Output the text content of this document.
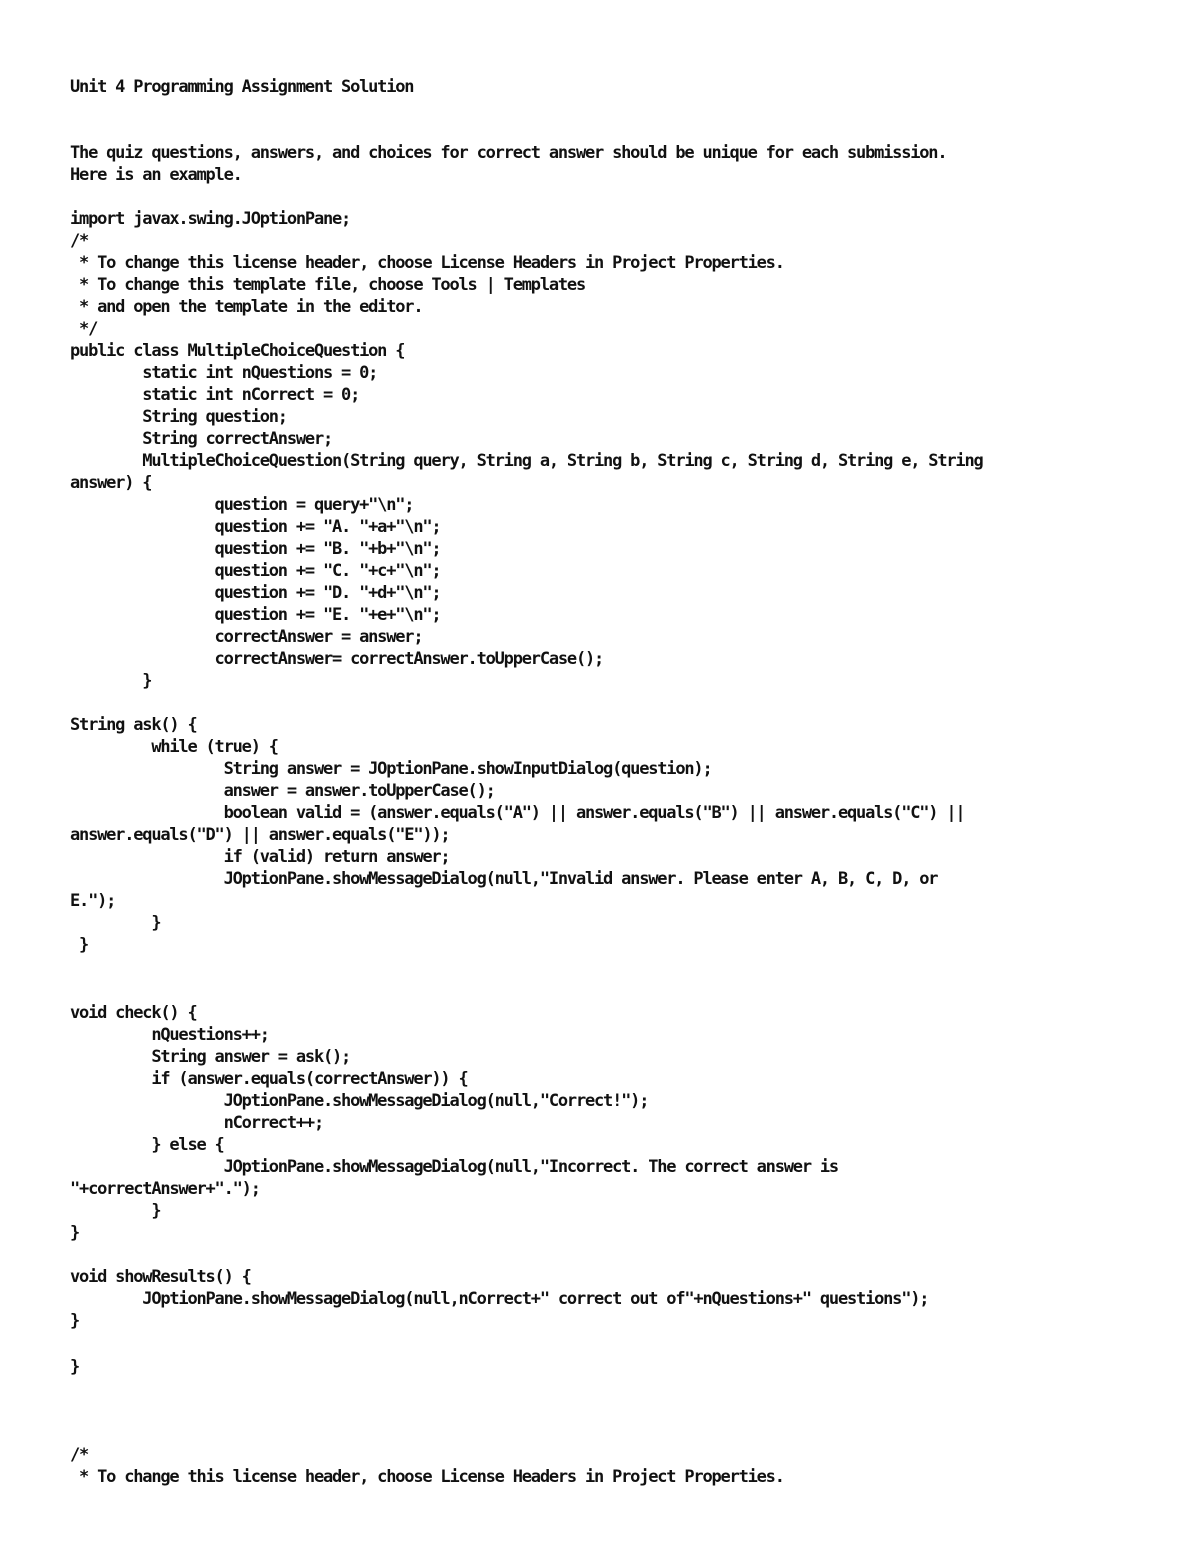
Unit 4 Programming Assignment Solution
The quiz questions, answers, and choices for correct answer should be unique for each submission.
Here is an example.
import javax.swing.JOptionPane;
/*
* To change this license header, choose License Headers in Project Properties.
* To change this template file, choose Tools | Templates
* and open the template in the editor.
*/
public class MultipleChoiceQuestion {
static int nQuestions = 0;
static int nCorrect = 0;
String question;
String correctAnswer;
MultipleChoiceQuestion(String query, String a, String b, String c, String d, String e, String
answer) {
question = query+"\n";
question += "A. "+a+"\n";
question += "B. "+b+"\n";
question += "C. "+c+"\n";
question += "D. "+d+"\n";
question += "E. "+e+"\n";
correctAnswer = answer;
correctAnswer= correctAnswer.toUpperCase();
}
String ask() {
while (true) {
String answer = JOptionPane.showInputDialog(question);
answer = answer.toUpperCase();
boolean valid = (answer.equals("A") || answer.equals("B") || answer.equals("C") ||
answer.equals("D") || answer.equals("E"));
if (valid) return answer;
JOptionPane.showMessageDialog(null,"Invalid answer. Please enter A, B, C, D, or
E.");
}
}
void check() {
nQuestions++;
String answer = ask();
if (answer.equals(correctAnswer)) {
JOptionPane.showMessageDialog(null,"Correct!");
nCorrect++;
} else {
JOptionPane.showMessageDialog(null,"Incorrect. The correct answer is
"+correctAnswer+".");
}
}
void showResults() {
JOptionPane.showMessageDialog(null,nCorrect+" correct out of"+nQuestions+" questions");
}
}
/*
* To change this license header, choose License Headers in Project Properties.
